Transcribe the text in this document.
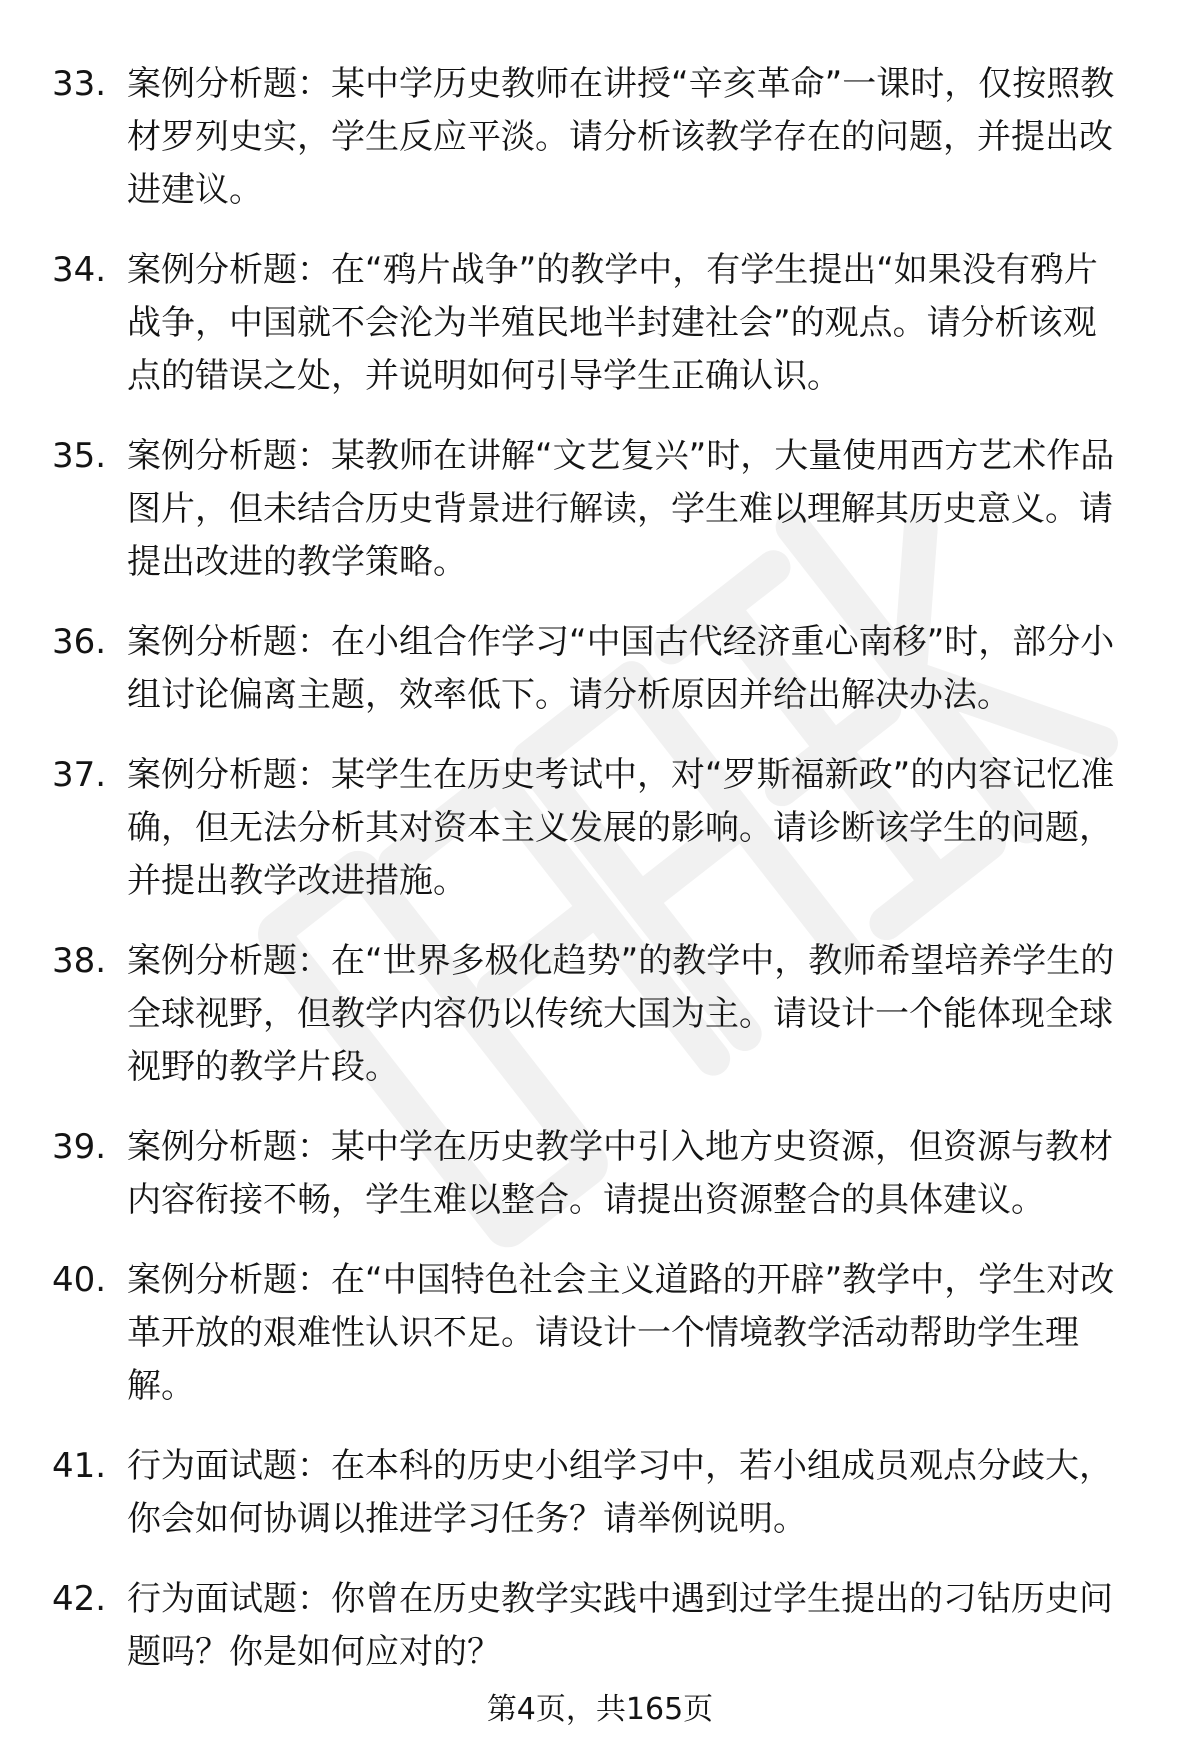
33. 案例分析题：某中学历史教师在讲授“辛亥革命”一课时，仅按照教材罗列史实，学生反应平淡。请分析该教学存在的问题，并提出改进建议。

34. 案例分析题：在“鸦片战争”的教学中，有学生提出“如果没有鸦片战争，中国就不会沦为半殖民地半封建社会”的观点。请分析该观点的错误之处，并说明如何引导学生正确认识。

35. 案例分析题：某教师在讲解“文艺复兴”时，大量使用西方艺术作品图片，但未结合历史背景进行解读，学生难以理解其历史意义。请提出改进的教学策略。

36. 案例分析题：在小组合作学习“中国古代经济重心南移”时，部分小组讨论偏离主题，效率低下。请分析原因并给出解决办法。

37. 案例分析题：某学生在历史考试中，对“罗斯福新政”的内容记忆准确，但无法分析其对资本主义发展的影响。请诊断该学生的问题，并提出教学改进措施。

38. 案例分析题：在“世界多极化趋势”的教学中，教师希望培养学生的全球视野，但教学内容仍以传统大国为主。请设计一个能体现全球视野的教学片段。

39. 案例分析题：某中学在历史教学中引入地方史资源，但资源与教材内容衔接不畅，学生难以整合。请提出资源整合的具体建议。

40. 案例分析题：在“中国特色社会主义道路的开辟”教学中，学生对改革开放的艰难性认识不足。请设计一个情境教学活动帮助学生理解。

41. 行为面试题：在本科的历史小组学习中，若小组成员观点分歧大，你会如何协调以推进学习任务？请举例说明。

42. 行为面试题：你曾在历史教学实践中遇到过学生提出的刁钻历史问题吗？你是如何应对的？

第4页，共165页
